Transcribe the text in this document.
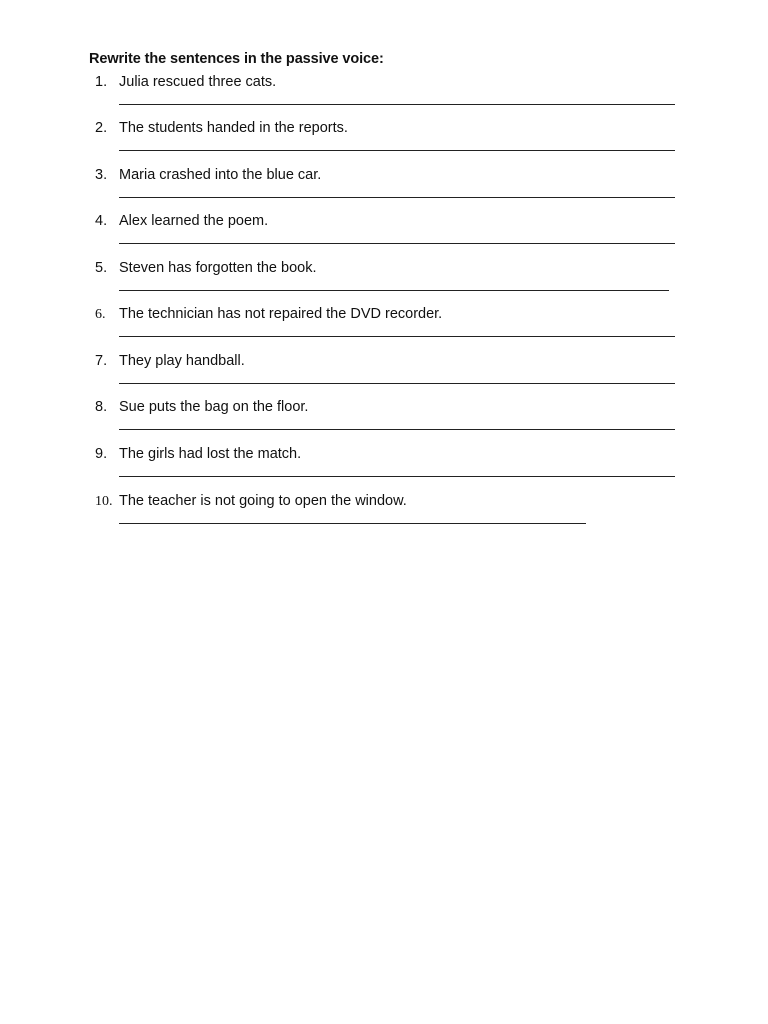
Rewrite the sentences in the passive voice:
1. Julia rescued three cats.
2. The students handed in the reports.
3. Maria crashed into the blue car.
4. Alex learned the poem.
5. Steven has forgotten the book.
6. The technician has not repaired the DVD recorder.
7. They play handball.
8. Sue puts the bag on the floor.
9. The girls had lost the match.
10. The teacher is not going to open the window.
